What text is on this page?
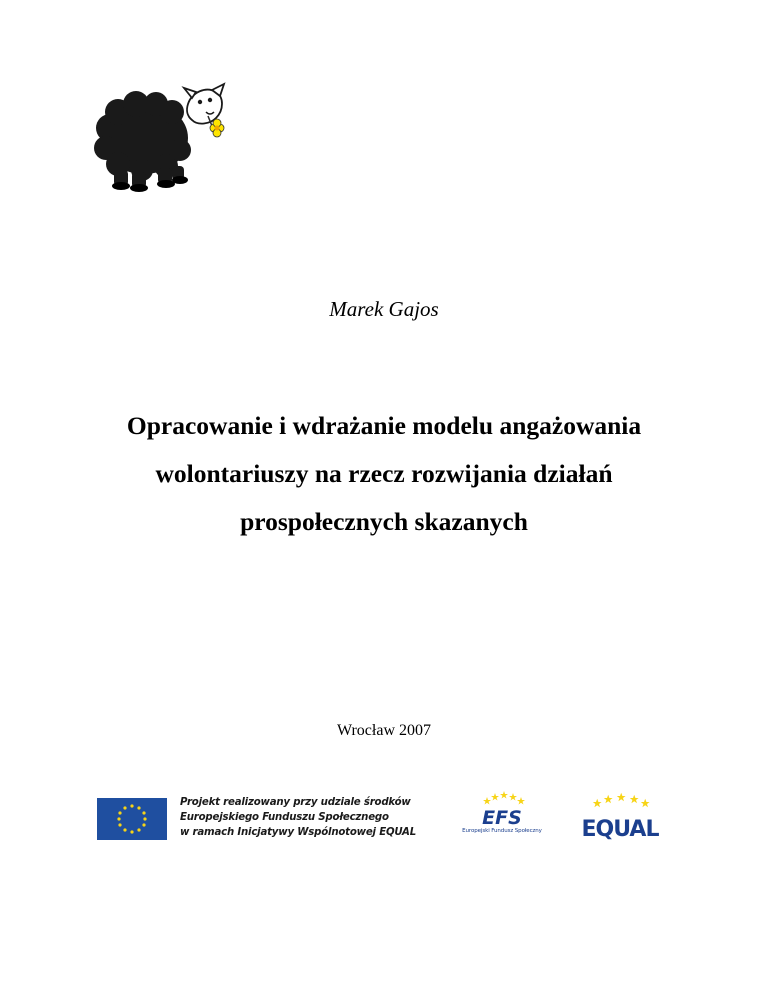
Marek Gajos
Opracowanie i wdrażanie modelu angażowania
wolontariuszy na rzecz rozwijania działań
prospołecznych skazanych
Wrocław 2007
Projekt realizowany przy udziale środków
Europejskiego Funduszu Społecznego
w ramach Inicjatywy Wspólnotowej EQUAL
EFS
Europejski Fundusz Społeczny	EQUAL
